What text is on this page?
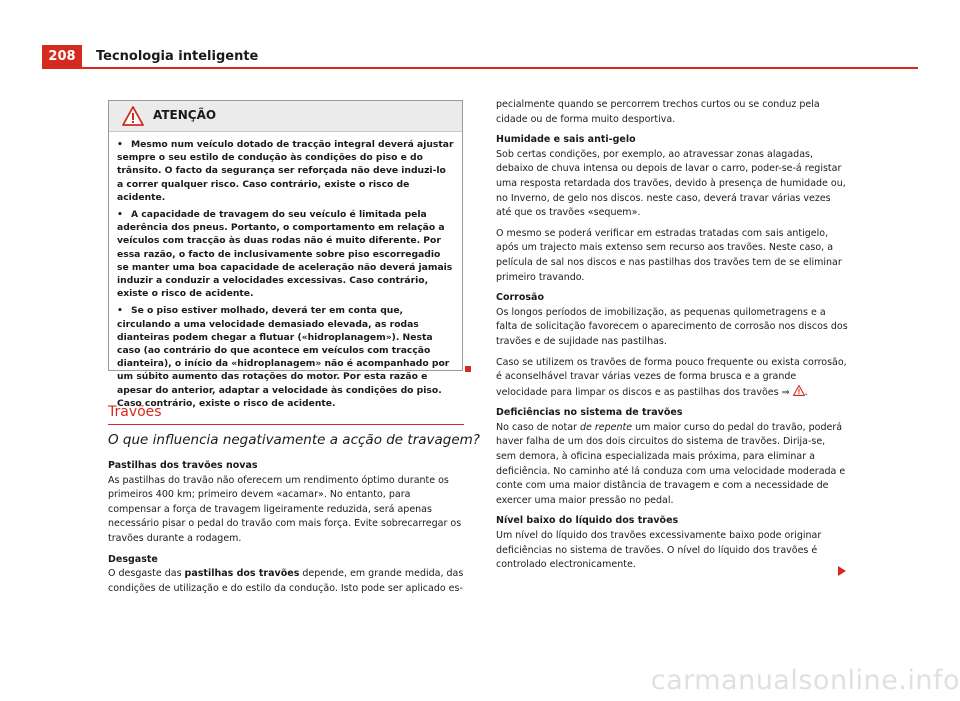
208	Tecnologia inteligente
ATENÇÃO

• Mesmo num veículo dotado de tracção integral deverá ajustar sempre o seu estilo de condução às condições do piso e do trânsito. O facto da segurança ser reforçada não deve induzi-lo a correr qualquer risco. Caso contrário, existe o risco de acidente.

• A capacidade de travagem do seu veículo é limitada pela aderência dos pneus. Portanto, o comportamento em relação a veículos com tracção às duas rodas não é muito diferente. Por essa razão, o facto de inclusivamente sobre piso escorregadio se manter uma boa capacidade de aceleração não deverá jamais induzir a conduzir a velocidades excessivas. Caso contrário, existe o risco de acidente.

• Se o piso estiver molhado, deverá ter em conta que, circulando a uma velocidade demasiado elevada, as rodas dianteiras podem chegar a flutuar («hidroplanagem»). Nesta caso (ao contrário do que acontece em veículos com tracção dianteira), o início da «hidroplanagem» não é acompanhado por um súbito aumento das rotações do motor. Por esta razão e apesar do anterior, adaptar a velocidade às condições do piso. Caso contrário, existe o risco de acidente.

Travões
O que influencia negativamente a acção de travagem?
Pastilhas dos travões novas

As pastilhas do travão não oferecem um rendimento óptimo durante os primeiros 400 km; primeiro devem «acamar». No entanto, para compensar a força de travagem ligeiramente reduzida, será apenas necessário pisar o pedal do travão com mais força. Evite sobrecarregar os travões durante a rodagem.

Desgaste

O desgaste das pastilhas dos travões depende, em grande medida, das condições de utilização e do estilo da condução. Isto pode ser aplicado es-

pecialmente quando se percorrem trechos curtos ou se conduz pela cidade ou de forma muito desportiva.

Humidade e sais anti-gelo

Sob certas condições, por exemplo, ao atravessar zonas alagadas, debaixo de chuva intensa ou depois de lavar o carro, poder-se-á registar uma resposta retardada dos travões, devido à presença de humidade ou, no Inverno, de gelo nos discos. neste caso, deverá travar várias vezes até que os travões «sequem».

O mesmo se poderá verificar em estradas tratadas com sais antigelo, após um trajecto mais extenso sem recurso aos travões. Neste caso, a película de sal nos discos e nas pastilhas dos travões tem de se eliminar primeiro travando.

Corrosão

Os longos períodos de imobilização, as pequenas quilometragens e a falta de solicitação favorecem o aparecimento de corrosão nos discos dos travões e de sujidade nas pastilhas.

Caso se utilizem os travões de forma pouco frequente ou exista corrosão, é aconselhável travar várias vezes de forma brusca e a grande velocidade para limpar os discos e as pastilhas dos travões ⇒ .

Deficiências no sistema de travões

No caso de notar de repente um maior curso do pedal do travão, poderá haver falha de um dos dois circuitos do sistema de travões. Dirija-se, sem demora, à oficina especializada mais próxima, para eliminar a deficiência. No caminho até lá conduza com uma velocidade moderada e conte com uma maior distância de travagem e com a necessidade de exercer uma maior pressão no pedal.

Nível baixo do líquido dos travões

Um nível do líquido dos travões excessivamente baixo pode originar deficiências no sistema de travões. O nível do líquido dos travões é controlado electronicamente.

carmanualsonline.info
